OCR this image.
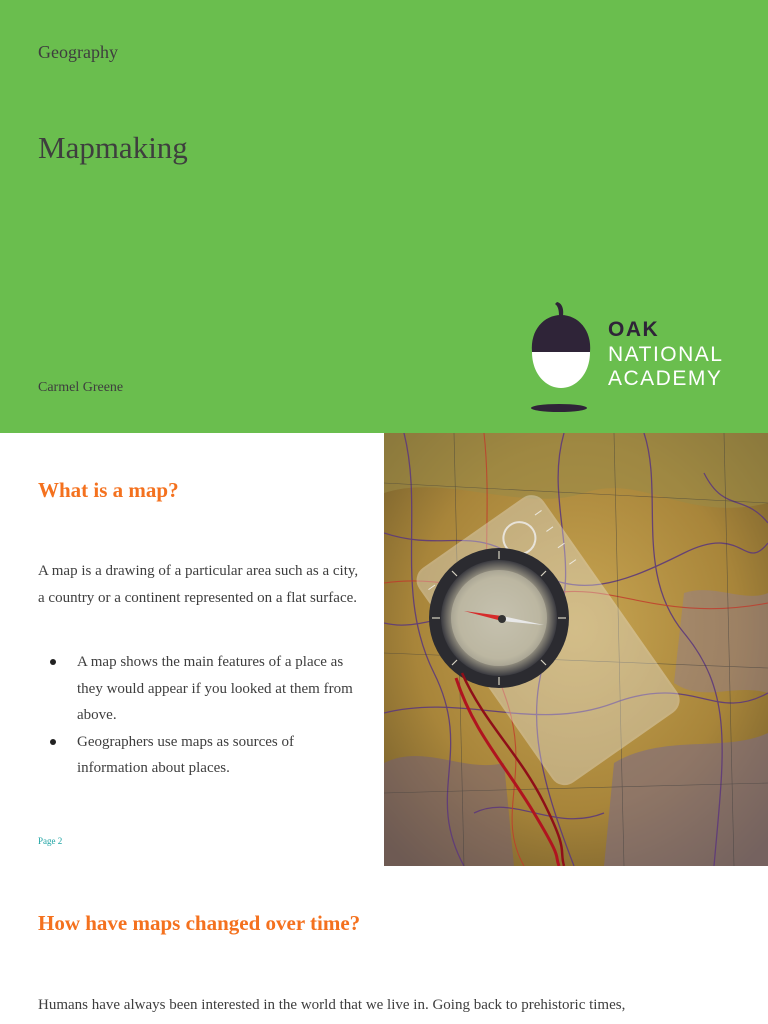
Geography
Mapmaking
Carmel Greene
OAK
NATIONAL
ACADEMY
What is a map?
A map is a drawing of a particular area such as a city, a country or a continent represented on a flat surface.
A map shows the main features of a place as they would appear if you looked at them from above.
Geographers use maps as sources of information about places.
Page 2
How have maps changed over time?
Humans have always been interested in the world that we live in. Going back to prehistoric times,
